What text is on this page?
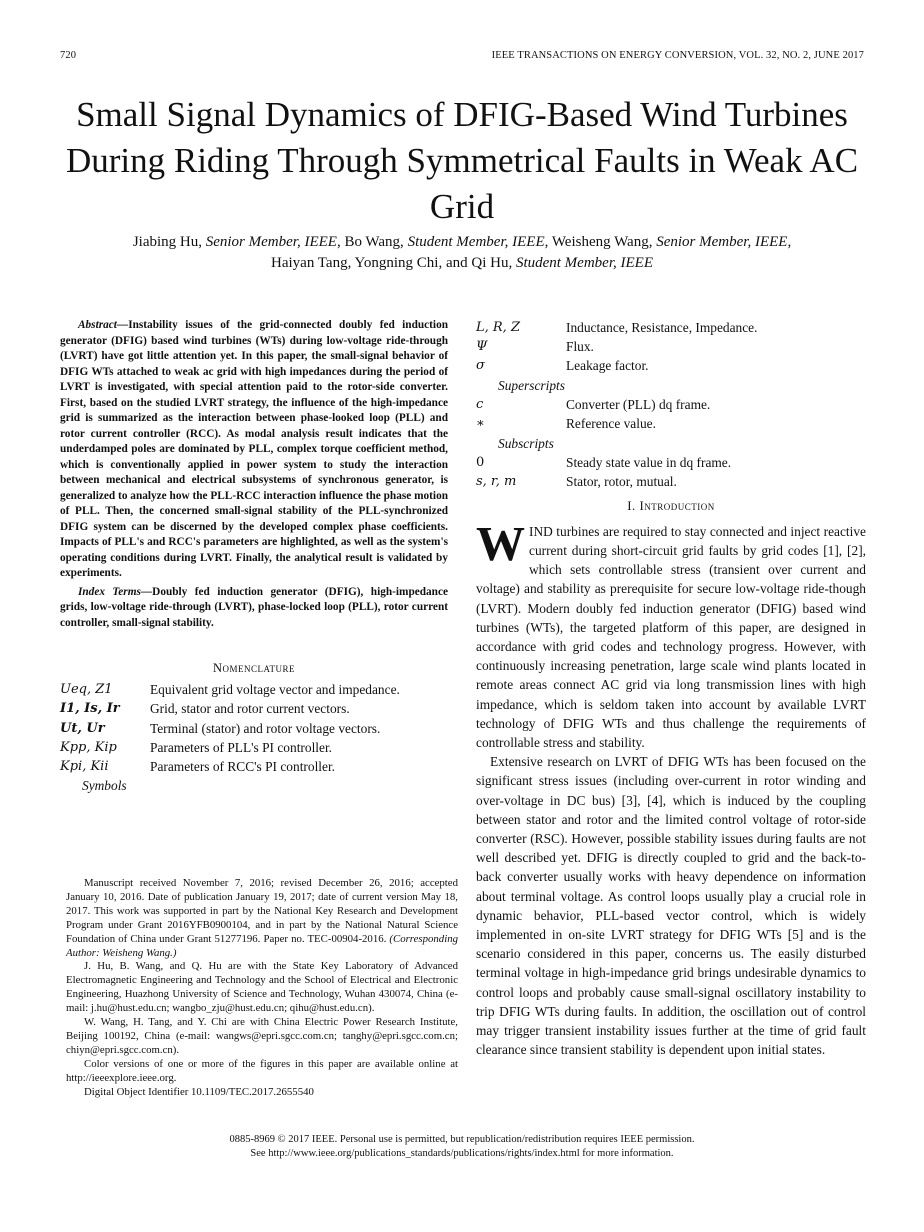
720	IEEE TRANSACTIONS ON ENERGY CONVERSION, VOL. 32, NO. 2, JUNE 2017
Small Signal Dynamics of DFIG-Based Wind Turbines During Riding Through Symmetrical Faults in Weak AC Grid
Jiabing Hu, Senior Member, IEEE, Bo Wang, Student Member, IEEE, Weisheng Wang, Senior Member, IEEE,
Haiyan Tang, Yongning Chi, and Qi Hu, Student Member, IEEE

Abstract—Instability issues of the grid-connected doubly fed induction generator (DFIG) based wind turbines (WTs) during low-voltage ride-through (LVRT) have got little attention yet. In this paper, the small-signal behavior of DFIG WTs attached to weak ac grid with high impedances during the period of LVRT is investigated, with special attention paid to the rotor-side converter. First, based on the studied LVRT strategy, the influence of the high-impedance grid is summarized as the interaction between phase-looked loop (PLL) and rotor current controller (RCC). As modal analysis result indicates that the underdamped poles are dominated by PLL, complex torque coefficient method, which is conventionally applied in power system to study the interaction between mechanical and electrical subsystems of synchronous generator, is generalized to analyze how the PLL-RCC interaction influence the phase motion of PLL. Then, the concerned small-signal stability of the PLL-synchronized DFIG system can be discerned by the developed complex phase coefficients. Impacts of PLL's and RCC's parameters are highlighted, as well as the system's operating conditions during LVRT. Finally, the analytical result is validated by experiments.

Index Terms—Doubly fed induction generator (DFIG), high-impedance grids, low-voltage ride-through (LVRT), phase-locked loop (PLL), rotor current controller, small-signal stability.

Nomenclature
Ueq, Z1	Equivalent grid voltage vector and impedance.
I1, Is, Ir	Grid, stator and rotor current vectors.
Ut, Ur	Terminal (stator) and rotor voltage vectors.
Kpp, Kip	Parameters of PLL's PI controller.
Kpi, Kii	Parameters of RCC's PI controller.
Symbols

Manuscript received November 7, 2016; revised December 26, 2016; accepted January 10, 2016. Date of publication January 19, 2017; date of current version May 18, 2017. This work was supported in part by the National Key Research and Development Program under Grant 2016YFB0900104, and in part by the National Natural Science Foundation of China under Grant 51277196. Paper no. TEC-00904-2016. (Corresponding Author: Weisheng Wang.)

J. Hu, B. Wang, and Q. Hu are with the State Key Laboratory of Advanced Electromagnetic Engineering and Technology and the School of Electrical and Electronic Engineering, Huazhong University of Science and Technology, Wuhan 430074, China (e-mail: j.hu@hust.edu.cn; wangbo_zju@hust.edu.cn; qihu@hust.edu.cn).

W. Wang, H. Tang, and Y. Chi are with China Electric Power Research Institute, Beijing 100192, China (e-mail: wangws@epri.sgcc.com.cn; tanghy@epri.sgcc.com.cn; chiyn@epri.sgcc.com.cn).

Color versions of one or more of the figures in this paper are available online at http://ieeexplore.ieee.org.

Digital Object Identifier 10.1109/TEC.2017.2655540

L, R, Z	Inductance, Resistance, Impedance.
Ψ	Flux.
σ	Leakage factor.
Superscripts
c	Converter (PLL) dq frame.
∗	Reference value.
Subscripts
0	Steady state value in dq frame.
s, r, m	Stator, rotor, mutual.
I. Introduction

WIND turbines are required to stay connected and inject reactive current during short-circuit grid faults by grid codes [1], [2], which sets controllable stress (transient over current and voltage) and stability as prerequisite for secure low-voltage ride-though (LVRT). Modern doubly fed induction generator (DFIG) based wind turbines (WTs), the targeted platform of this paper, are designed in accordance with grid codes and technology progress. However, with continuously increasing penetration, large scale wind plants located in remote areas connect AC grid via long transmission lines with high impedance, which is seldom taken into account by available LVRT technology of DFIG WTs and thus challenge the requirements of controllable stress and stability.

Extensive research on LVRT of DFIG WTs has been focused on the significant stress issues (including over-current in rotor winding and over-voltage in DC bus) [3], [4], which is induced by the coupling between stator and rotor and the limited control voltage of rotor-side converter (RSC). However, possible stability issues during faults are not well described yet. DFIG is directly coupled to grid and the back-to-back converter usually works with heavy dependence on information about terminal voltage. As control loops usually play a crucial role in dynamic behavior, PLL-based vector control, which is widely implemented in on-site LVRT strategy for DFIG WTs [5] and is the scenario considered in this paper, concerns us. The easily disturbed terminal voltage in high-impedance grid brings undesirable dynamics to control loops and probably cause small-signal oscillatory instability to trip DFIG WTs during faults. In addition, the oscillation out of control may trigger transient instability issues further at the time of grid fault clearance since transient stability is dependent upon initial states.

0885-8969 © 2017 IEEE. Personal use is permitted, but republication/redistribution requires IEEE permission.
See http://www.ieee.org/publications_standards/publications/rights/index.html for more information.
